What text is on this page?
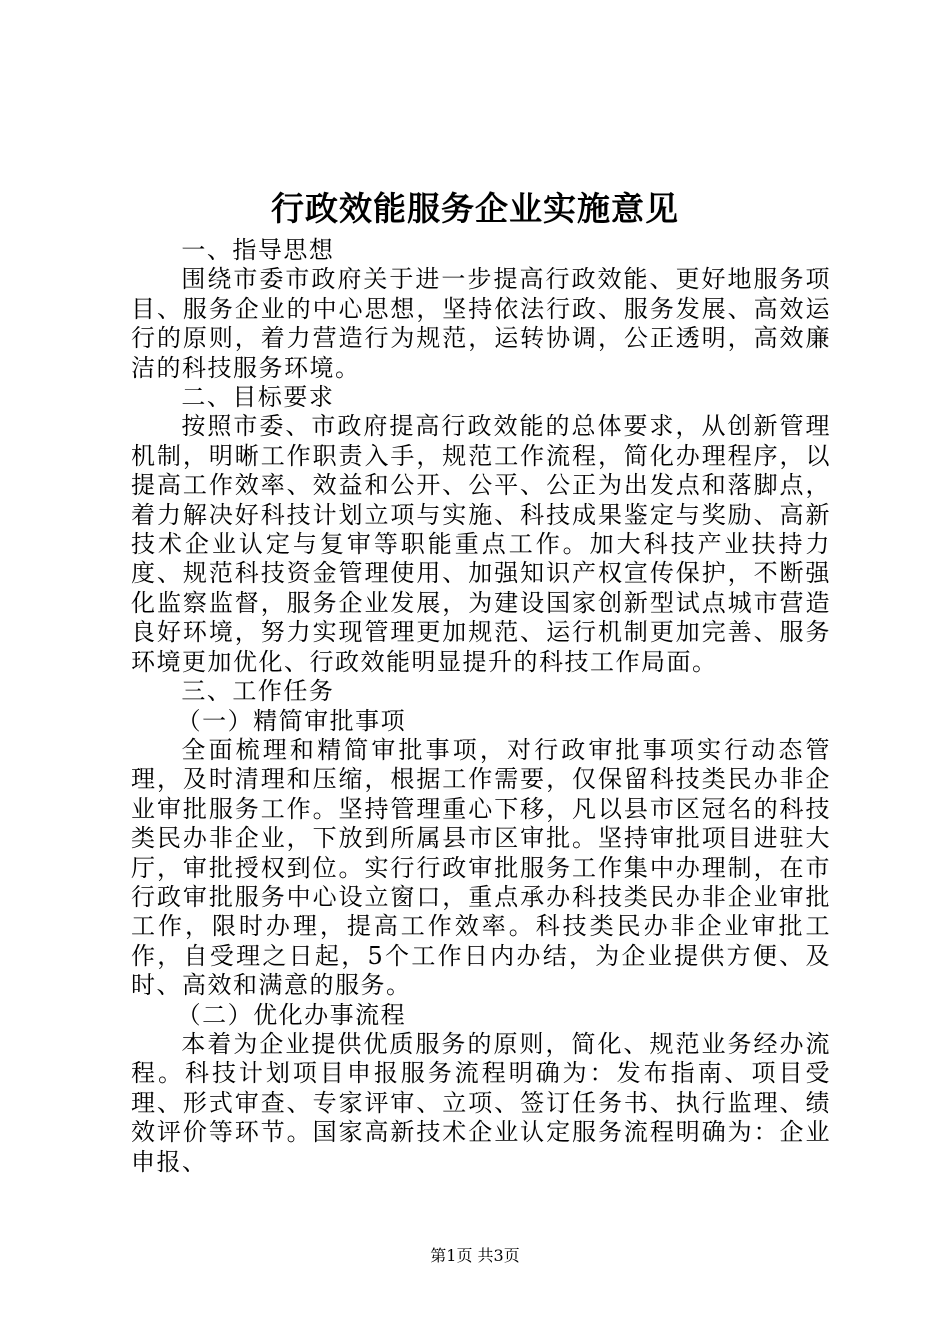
行政效能服务企业实施意见

一、指导思想

围绕市委市政府关于进一步提高行政效能、更好地服务项目、服务企业的中心思想，坚持依法行政、服务发展、高效运行的原则，着力营造行为规范，运转协调，公正透明，高效廉洁的科技服务环境。

二、目标要求

按照市委、市政府提高行政效能的总体要求，从创新管理机制，明晰工作职责入手，规范工作流程，简化办理程序，以提高工作效率、效益和公开、公平、公正为出发点和落脚点，着力解决好科技计划立项与实施、科技成果鉴定与奖励、高新技术企业认定与复审等职能重点工作。加大科技产业扶持力度、规范科技资金管理使用、加强知识产权宣传保护，不断强化监察监督，服务企业发展，为建设国家创新型试点城市营造良好环境，努力实现管理更加规范、运行机制更加完善、服务环境更加优化、行政效能明显提升的科技工作局面。

三、工作任务

（一）精简审批事项

全面梳理和精简审批事项，对行政审批事项实行动态管理，及时清理和压缩，根据工作需要，仅保留科技类民办非企业审批服务工作。坚持管理重心下移，凡以县市区冠名的科技类民办非企业，下放到所属县市区审批。坚持审批项目进驻大厅，审批授权到位。实行行政审批服务工作集中办理制，在市行政审批服务中心设立窗口，重点承办科技类民办非企业审批工作，限时办理，提高工作效率。科技类民办非企业审批工作，自受理之日起，5个工作日内办结，为企业提供方便、及时、高效和满意的服务。

（二）优化办事流程

本着为企业提供优质服务的原则，简化、规范业务经办流程。科技计划项目申报服务流程明确为：发布指南、项目受理、形式审查、专家评审、立项、签订任务书、执行监理、绩效评价等环节。国家高新技术企业认定服务流程明确为：企业申报、

第1页 共3页
